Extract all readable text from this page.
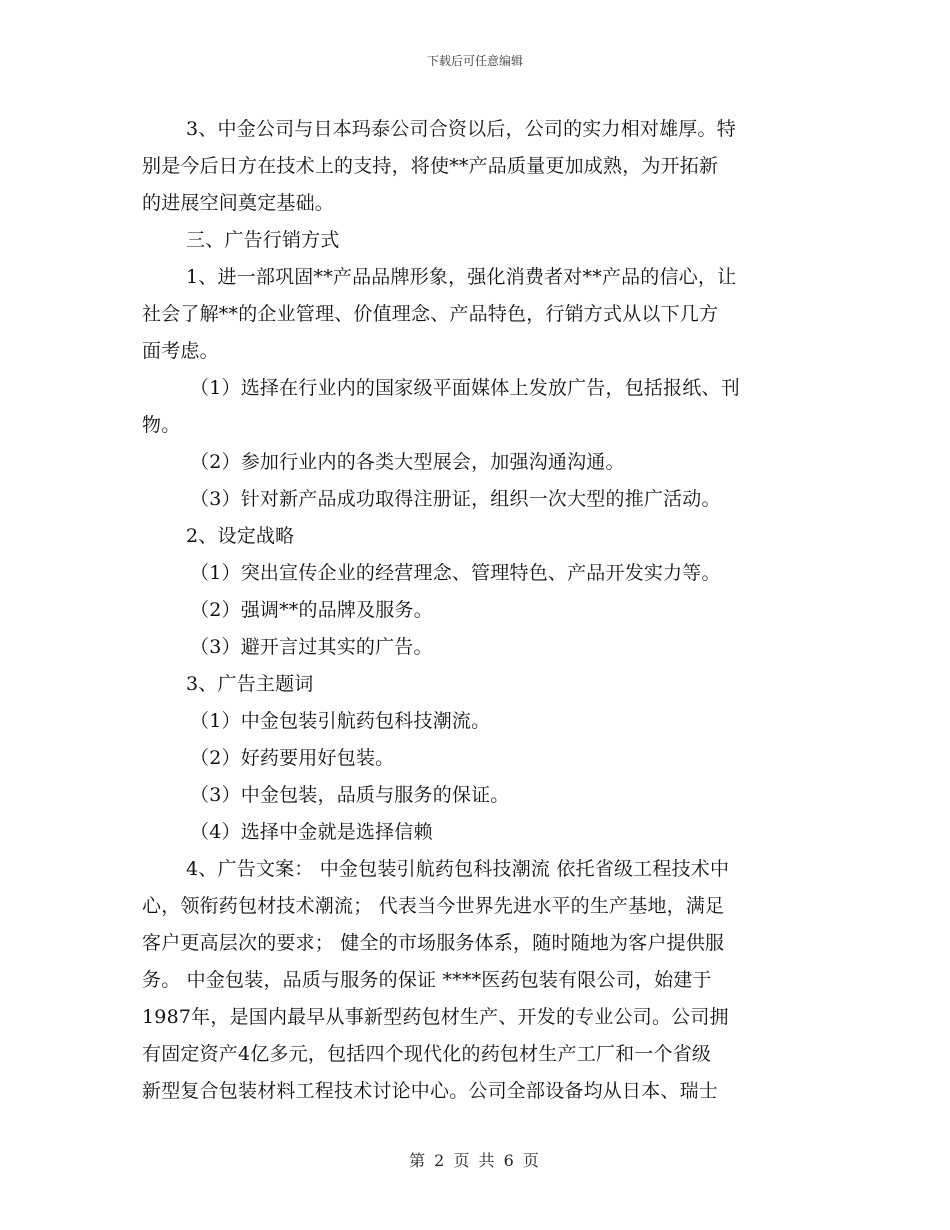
下载后可任意编辑
3、中金公司与日本玛泰公司合资以后，公司的实力相对雄厚。特
别是今后日方在技术上的支持，将使**产品质量更加成熟，为开拓新
的进展空间奠定基础。
三、广告行销方式
1、进一部巩固**产品品牌形象，强化消费者对**产品的信心，让
社会了解**的企业管理、价值理念、产品特色，行销方式从以下几方
面考虑。
（1）选择在行业内的国家级平面媒体上发放广告，包括报纸、刊
物。
（2）参加行业内的各类大型展会，加强沟通沟通。
（3）针对新产品成功取得注册证，组织一次大型的推广活动。
2、设定战略
（1）突出宣传企业的经营理念、管理特色、产品开发实力等。
（2）强调**的品牌及服务。
（3）避开言过其实的广告。
3、广告主题词
（1）中金包装引航药包科技潮流。
（2）好药要用好包装。
（3）中金包装，品质与服务的保证。
（4）选择中金就是选择信赖
4、广告文案： 中金包装引航药包科技潮流 依托省级工程技术中
心，领衔药包材技术潮流； 代表当今世界先进水平的生产基地，满足
客户更高层次的要求； 健全的市场服务体系，随时随地为客户提供服
务。 中金包装，品质与服务的保证 ****医药包装有限公司，始建于
1987年，是国内最早从事新型药包材生产、开发的专业公司。公司拥
有固定资产4亿多元，包括四个现代化的药包材生产工厂和一个省级
新型复合包装材料工程技术讨论中心。公司全部设备均从日本、瑞士
第 2 页 共 6 页
